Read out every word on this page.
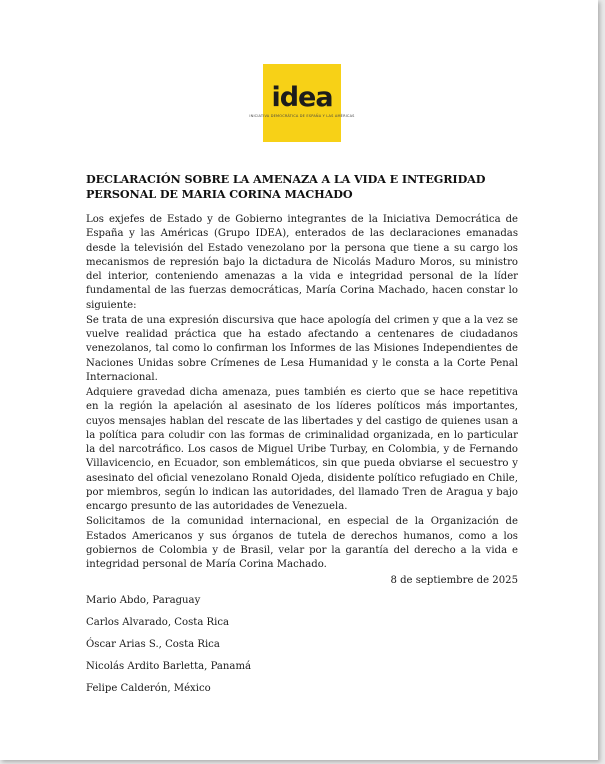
idea
INICIATIVA DEMOCRÁTICA DE ESPAÑA Y LAS AMÉRICAS
DECLARACIÓN SOBRE LA AMENAZA A LA VIDA E INTEGRIDAD PERSONAL DE MARIA CORINA MACHADO

Los exjefes de Estado y de Gobierno integrantes de la Iniciativa Democrática de España y las Américas (Grupo IDEA), enterados de las declaraciones emanadas desde la televisión del Estado venezolano por la persona que tiene a su cargo los mecanismos de represión bajo la dictadura de Nicolás Maduro Moros, su ministro del interior, conteniendo amenazas a la vida e integridad personal de la líder fundamental de las fuerzas democráticas, María Corina Machado, hacen constar lo siguiente:

Se trata de una expresión discursiva que hace apología del crimen y que a la vez se vuelve realidad práctica que ha estado afectando a centenares de ciudadanos venezolanos, tal como lo confirman los Informes de las Misiones Independientes de Naciones Unidas sobre Crímenes de Lesa Humanidad y le consta a la Corte Penal Internacional.

Adquiere gravedad dicha amenaza, pues también es cierto que se hace repetitiva en la región la apelación al asesinato de los líderes políticos más importantes, cuyos mensajes hablan del rescate de las libertades y del castigo de quienes usan a la política para coludir con las formas de criminalidad organizada, en lo particular la del narcotráfico. Los casos de Miguel Uribe Turbay, en Colombia, y de Fernando Villavicencio, en Ecuador, son emblemáticos, sin que pueda obviarse el secuestro y asesinato del oficial venezolano Ronald Ojeda, disidente político refugiado en Chile, por miembros, según lo indican las autoridades, del llamado Tren de Aragua y bajo encargo presunto de las autoridades de Venezuela.

Solicitamos de la comunidad internacional, en especial de la Organización de Estados Americanos y sus órganos de tutela de derechos humanos, como a los gobiernos de Colombia y de Brasil, velar por la garantía del derecho a la vida e integridad personal de María Corina Machado.

8 de septiembre de 2025
Mario Abdo, Paraguay
Carlos Alvarado, Costa Rica
Óscar Arias S., Costa Rica
Nicolás Ardito Barletta, Panamá
Felipe Calderón, México
